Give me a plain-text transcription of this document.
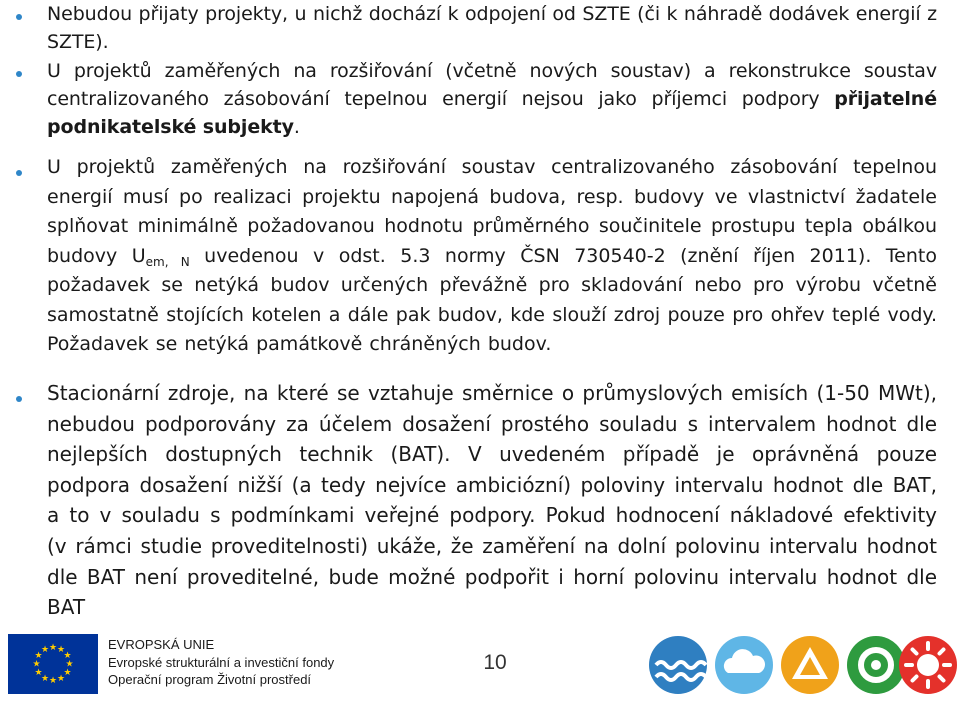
Nebudou přijaty projekty, u nichž dochází k odpojení od SZTE (či k náhradě dodávek energií z SZTE).

U projektů zaměřených na rozšiřování (včetně nových soustav) a rekonstrukce soustav centralizovaného zásobování tepelnou energií nejsou jako příjemci podpory přijatelné podnikatelské subjekty.

U projektů zaměřených na rozšiřování soustav centralizovaného zásobování tepelnou energií musí po realizaci projektu napojená budova, resp. budovy ve vlastnictví žadatele splňovat minimálně požadovanou hodnotu průměrného součinitele prostupu tepla obálkou budovy $U_{em, N}$ uvedenou v odst. 5.3 normy ČSN 730540-2 (znění říjen 2011). Tento požadavek se netýká budov určených převážně pro skladování nebo pro výrobu včetně samostatně stojících kotelen a dále pak budov, kde slouží zdroj pouze pro ohřev teplé vody. Požadavek se netýká památkově chráněných budov.

Stacionární zdroje, na které se vztahuje směrnice o průmyslových emisích (1-50 MWt), nebudou podporovány za účelem dosažení prostého souladu s intervalem hodnot dle nejlepších dostupných technik (BAT). V uvedeném případě je oprávněná pouze podpora dosažení nižší (a tedy nejvíce ambiciózní) poloviny intervalu hodnot dle BAT, a to v souladu s podmínkami veřejné podpory. Pokud hodnocení nákladové efektivity (v rámci studie proveditelnosti) ukáže, že zaměření na dolní polovinu intervalu hodnot dle BAT není proveditelné, bude možné podpořit i horní polovinu intervalu hodnot dle BAT

★ ★
★
★
★
★
★
★
★
★
★
★	EVROPSKÁ UNIE
Evropské strukturální a investiční fondy
Operační program Životní prostředí
10
